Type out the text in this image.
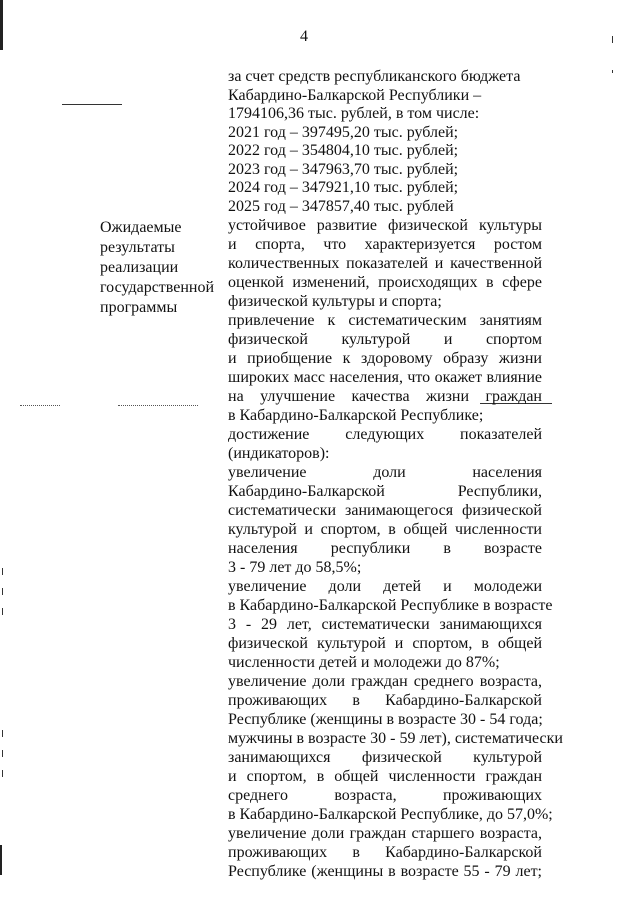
4
за счет средств республиканского бюджета
Кабардино-Балкарской Республики –
1794106,36 тыс. рублей, в том числе:
2021 год – 397495,20 тыс. рублей;
2022 год – 354804,10 тыс. рублей;
2023 год – 347963,70 тыс. рублей;
2024 год – 347921,10 тыс. рублей;
2025 год – 347857,40 тыс. рублей
Ожидаемые
результаты
реализации
государственной
программы
устойчивое развитие физической культуры
и спорта, что характеризуется ростом
количественных показателей и качественной
оценкой изменений, происходящих в сфере
физической культуры и спорта;
привлечение к систематическим занятиям
физической культурой и спортом
и приобщение к здоровому образу жизни
широких масс населения, что окажет влияние
на улучшение качества жизни граждан
в Кабардино-Балкарской Республике;
достижение следующих показателей
(индикаторов):
увеличение доли населения
Кабардино-Балкарской Республики,
систематически занимающегося физической
культурой и спортом, в общей численности
населения республики в возрасте
3 - 79 лет до 58,5%;
увеличение доли детей и молодежи
в Кабардино-Балкарской Республике в возрасте
3 - 29 лет, систематически занимающихся
физической культурой и спортом, в общей
численности детей и молодежи до 87%;
увеличение доли граждан среднего возраста,
проживающих в Кабардино-Балкарской
Республике (женщины в возрасте 30 - 54 года;
мужчины в возрасте 30 - 59 лет), систематически
занимающихся физической культурой
и спортом, в общей численности граждан
среднего возраста, проживающих
в Кабардино-Балкарской Республике, до 57,0%;
увеличение доли граждан старшего возраста,
проживающих в Кабардино-Балкарской
Республике (женщины в возрасте 55 - 79 лет;
